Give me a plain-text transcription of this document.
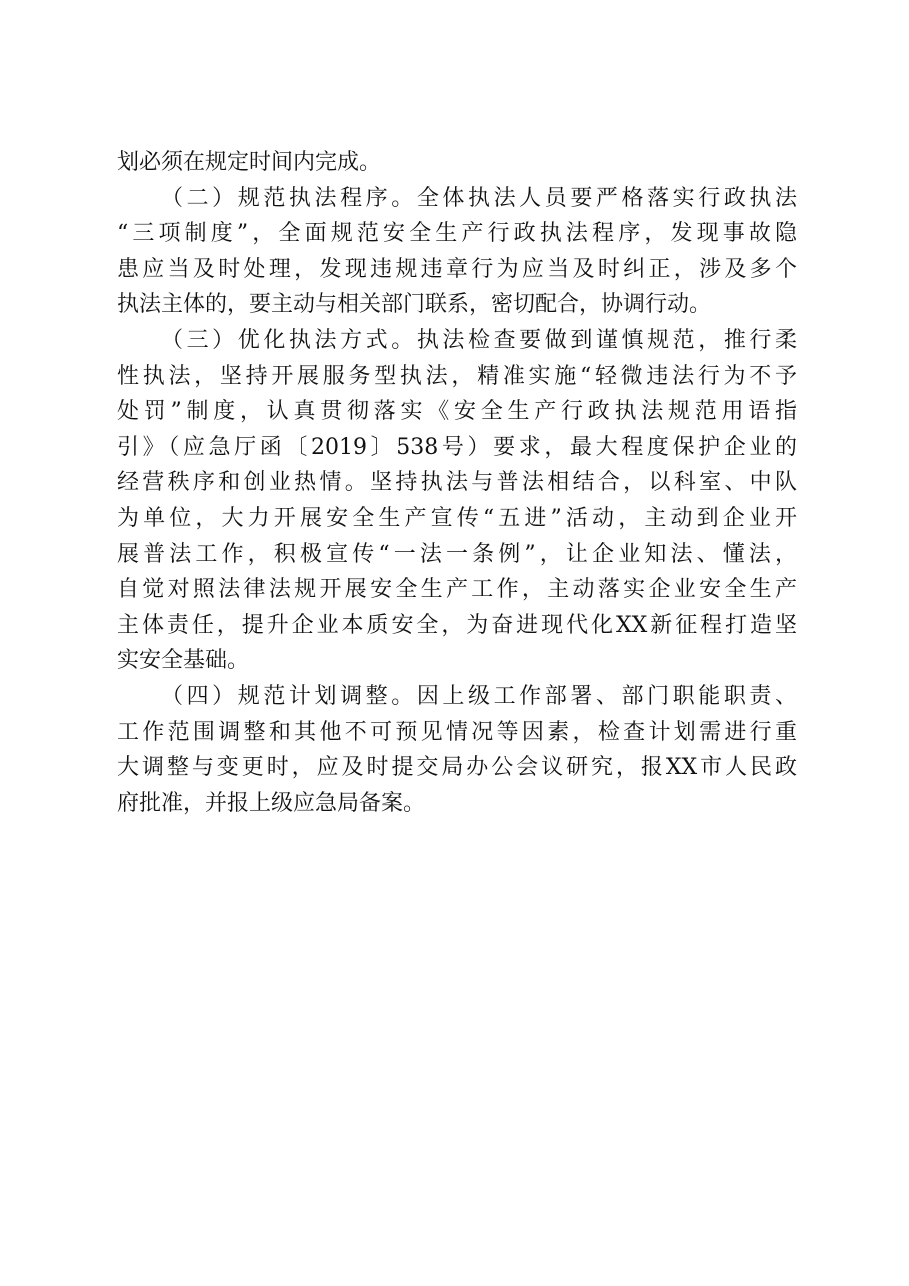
划必须在规定时间内完成。
（二）规范执法程序。全体执法人员要严格落实行政执法
“三项制度”，全面规范安全生产行政执法程序，发现事故隐
患应当及时处理，发现违规违章行为应当及时纠正，涉及多个
执法主体的，要主动与相关部门联系，密切配合，协调行动。
（三）优化执法方式。执法检查要做到谨慎规范，推行柔
性执法，坚持开展服务型执法，精准实施“轻微违法行为不予
处罚”制度，认真贯彻落实《安全生产行政执法规范用语指
引》（应急厅函〔2019〕538号）要求，最大程度保护企业的
经营秩序和创业热情。坚持执法与普法相结合，以科室、中队
为单位，大力开展安全生产宣传“五进”活动，主动到企业开
展普法工作，积极宣传“一法一条例”，让企业知法、懂法，
自觉对照法律法规开展安全生产工作，主动落实企业安全生产
主体责任，提升企业本质安全，为奋进现代化XX新征程打造坚
实安全基础。
（四）规范计划调整。因上级工作部署、部门职能职责、
工作范围调整和其他不可预见情况等因素，检查计划需进行重
大调整与变更时，应及时提交局办公会议研究，报XX市人民政
府批准，并报上级应急局备案。
